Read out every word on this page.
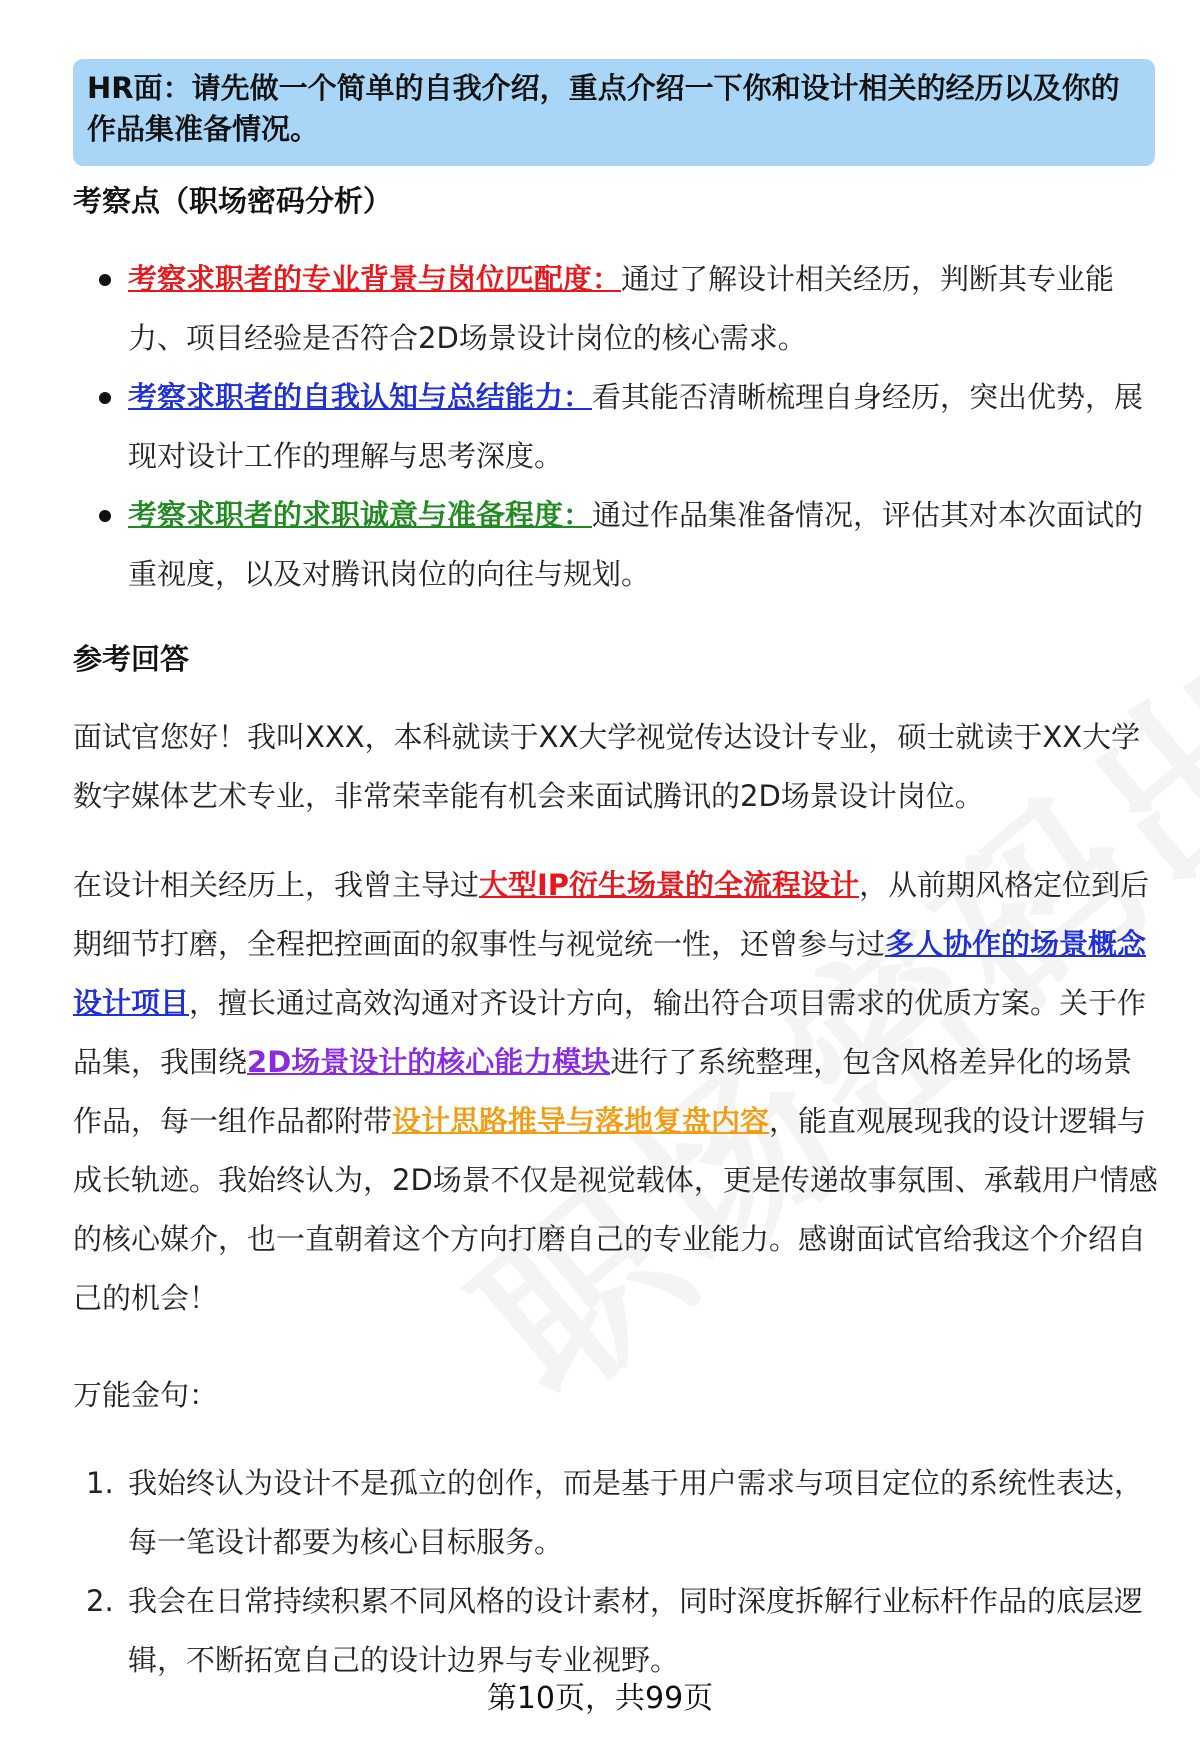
HR面：请先做一个简单的自我介绍，重点介绍一下你和设计相关的经历以及你的作品集准备情况。
考察点（职场密码分析）
考察求职者的专业背景与岗位匹配度：通过了解设计相关经历，判断其专业能力、项目经验是否符合2D场景设计岗位的核心需求。
考察求职者的自我认知与总结能力：看其能否清晰梳理自身经历，突出优势，展现对设计工作的理解与思考深度。
考察求职者的求职诚意与准备程度：通过作品集准备情况，评估其对本次面试的重视度，以及对腾讯岗位的向往与规划。
参考回答

面试官您好！我叫XXX，本科就读于XX大学视觉传达设计专业，硕士就读于XX大学数字媒体艺术专业，非常荣幸能有机会来面试腾讯的2D场景设计岗位。

在设计相关经历上，我曾主导过大型IP衍生场景的全流程设计，从前期风格定位到后期细节打磨，全程把控画面的叙事性与视觉统一性，还曾参与过多人协作的场景概念设计项目，擅长通过高效沟通对齐设计方向，输出符合项目需求的优质方案。关于作品集，我围绕2D场景设计的核心能力模块进行了系统整理，包含风格差异化的场景作品，每一组作品都附带设计思路推导与落地复盘内容，能直观展现我的设计逻辑与成长轨迹。我始终认为，2D场景不仅是视觉载体，更是传递故事氛围、承载用户情感的核心媒介，也一直朝着这个方向打磨自己的专业能力。感谢面试官给我这个介绍自己的机会！

万能金句：

1. 我始终认为设计不是孤立的创作，而是基于用户需求与项目定位的系统性表达，每一笔设计都要为核心目标服务。
2. 我会在日常持续积累不同风格的设计素材，同时深度拆解行业标杆作品的底层逻辑，不断拓宽自己的设计边界与专业视野。
第10页，共99页
